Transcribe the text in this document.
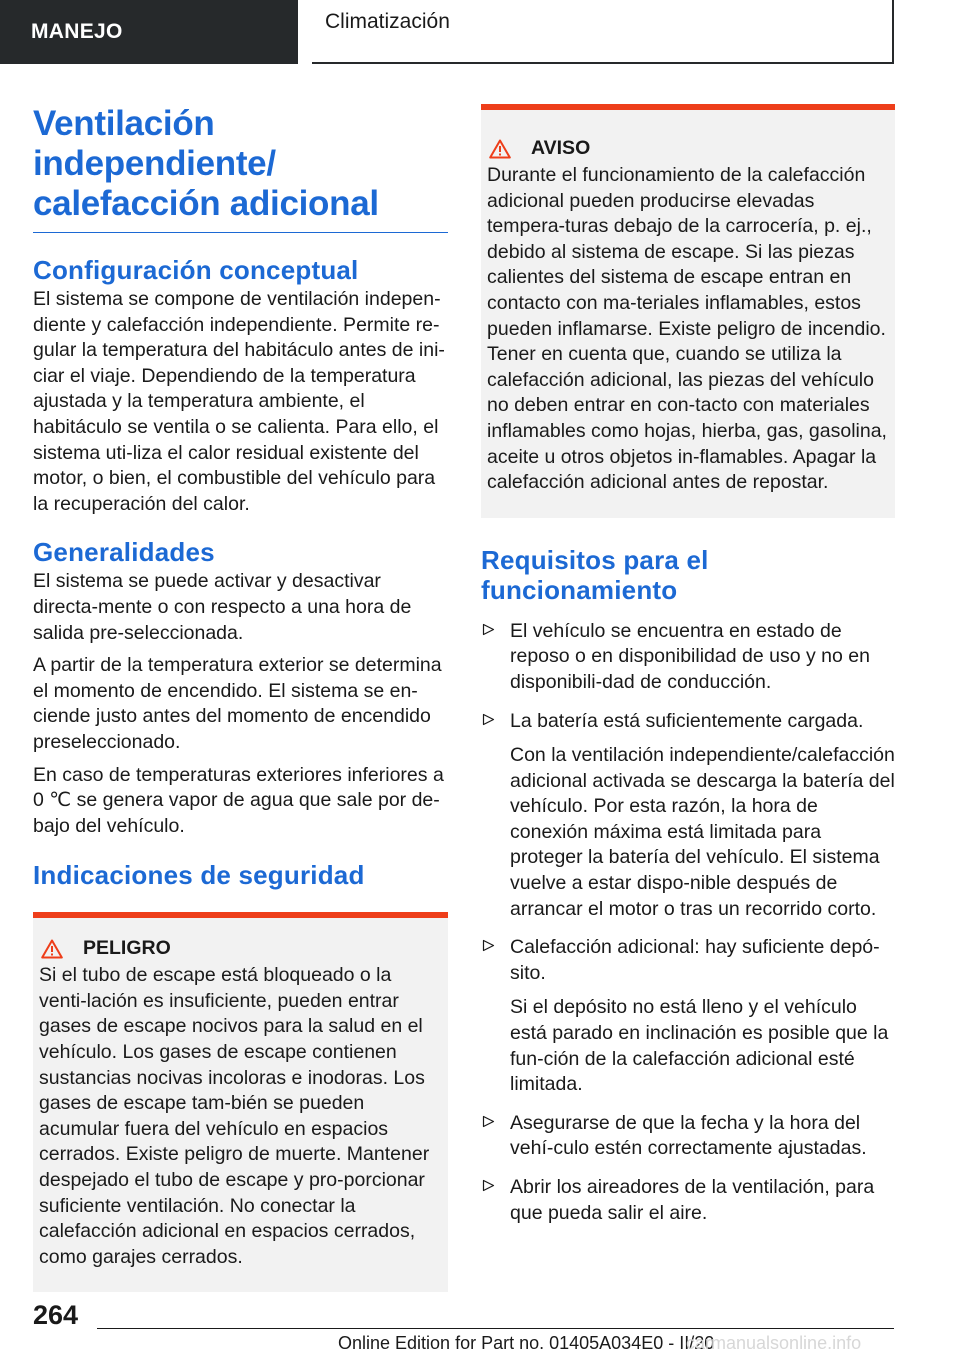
MANEJO	Climatización
Ventilación independiente/
calefacción adicional
Configuración conceptual

El sistema se compone de ventilación indepen-diente y calefacción independiente. Permite re-gular la temperatura del habitáculo antes de ini-ciar el viaje. Dependiendo de la temperatura ajustada y la temperatura ambiente, el habitáculo se ventila o se calienta. Para ello, el sistema uti-liza el calor residual existente del motor, o bien, el combustible del vehículo para la recuperación del calor.

Generalidades

El sistema se puede activar y desactivar directa-mente o con respecto a una hora de salida pre-seleccionada.

A partir de la temperatura exterior se determina el momento de encendido. El sistema se en-ciende justo antes del momento de encendido preseleccionado.

En caso de temperaturas exteriores inferiores a 0 ℃ se genera vapor de agua que sale por de-bajo del vehículo.

Indicaciones de seguridad
PELIGRO

Si el tubo de escape está bloqueado o la venti-lación es insuficiente, pueden entrar gases de escape nocivos para la salud en el vehículo. Los gases de escape contienen sustancias nocivas incoloras e inodoras. Los gases de escape tam-bién se pueden acumular fuera del vehículo en espacios cerrados. Existe peligro de muerte. Mantener despejado el tubo de escape y pro-porcionar suficiente ventilación. No conectar la calefacción adicional en espacios cerrados, como garajes cerrados.

AVISO

Durante el funcionamiento de la calefacción adicional pueden producirse elevadas tempera-turas debajo de la carrocería, p. ej., debido al sistema de escape. Si las piezas calientes del sistema de escape entran en contacto con ma-teriales inflamables, estos pueden inflamarse. Existe peligro de incendio. Tener en cuenta que, cuando se utiliza la calefacción adicional, las piezas del vehículo no deben entrar en con-tacto con materiales inflamables como hojas, hierba, gas, gasolina, aceite u otros objetos in-flamables. Apagar la calefacción adicional antes de repostar.

Requisitos para el
funcionamiento

El vehículo se encuentra en estado de reposo o en disponibilidad de uso y no en disponibili-dad de conducción.

La batería está suficientemente cargada.

Con la ventilación independiente/calefacción adicional activada se descarga la batería del vehículo. Por esta razón, la hora de conexión máxima está limitada para proteger la batería del vehículo. El sistema vuelve a estar dispo-nible después de arrancar el motor o tras un recorrido corto.

Calefacción adicional: hay suficiente depó-sito.

Si el depósito no está lleno y el vehículo está parado en inclinación es posible que la fun-ción de la calefacción adicional esté limitada.

Asegurarse de que la fecha y la hora del vehí-culo estén correctamente ajustadas.

Abrir los aireadores de la ventilación, para que pueda salir el aire.

264
Online Edition for Part no. 01405A034E0 - II/20
carmanualsonline.info
